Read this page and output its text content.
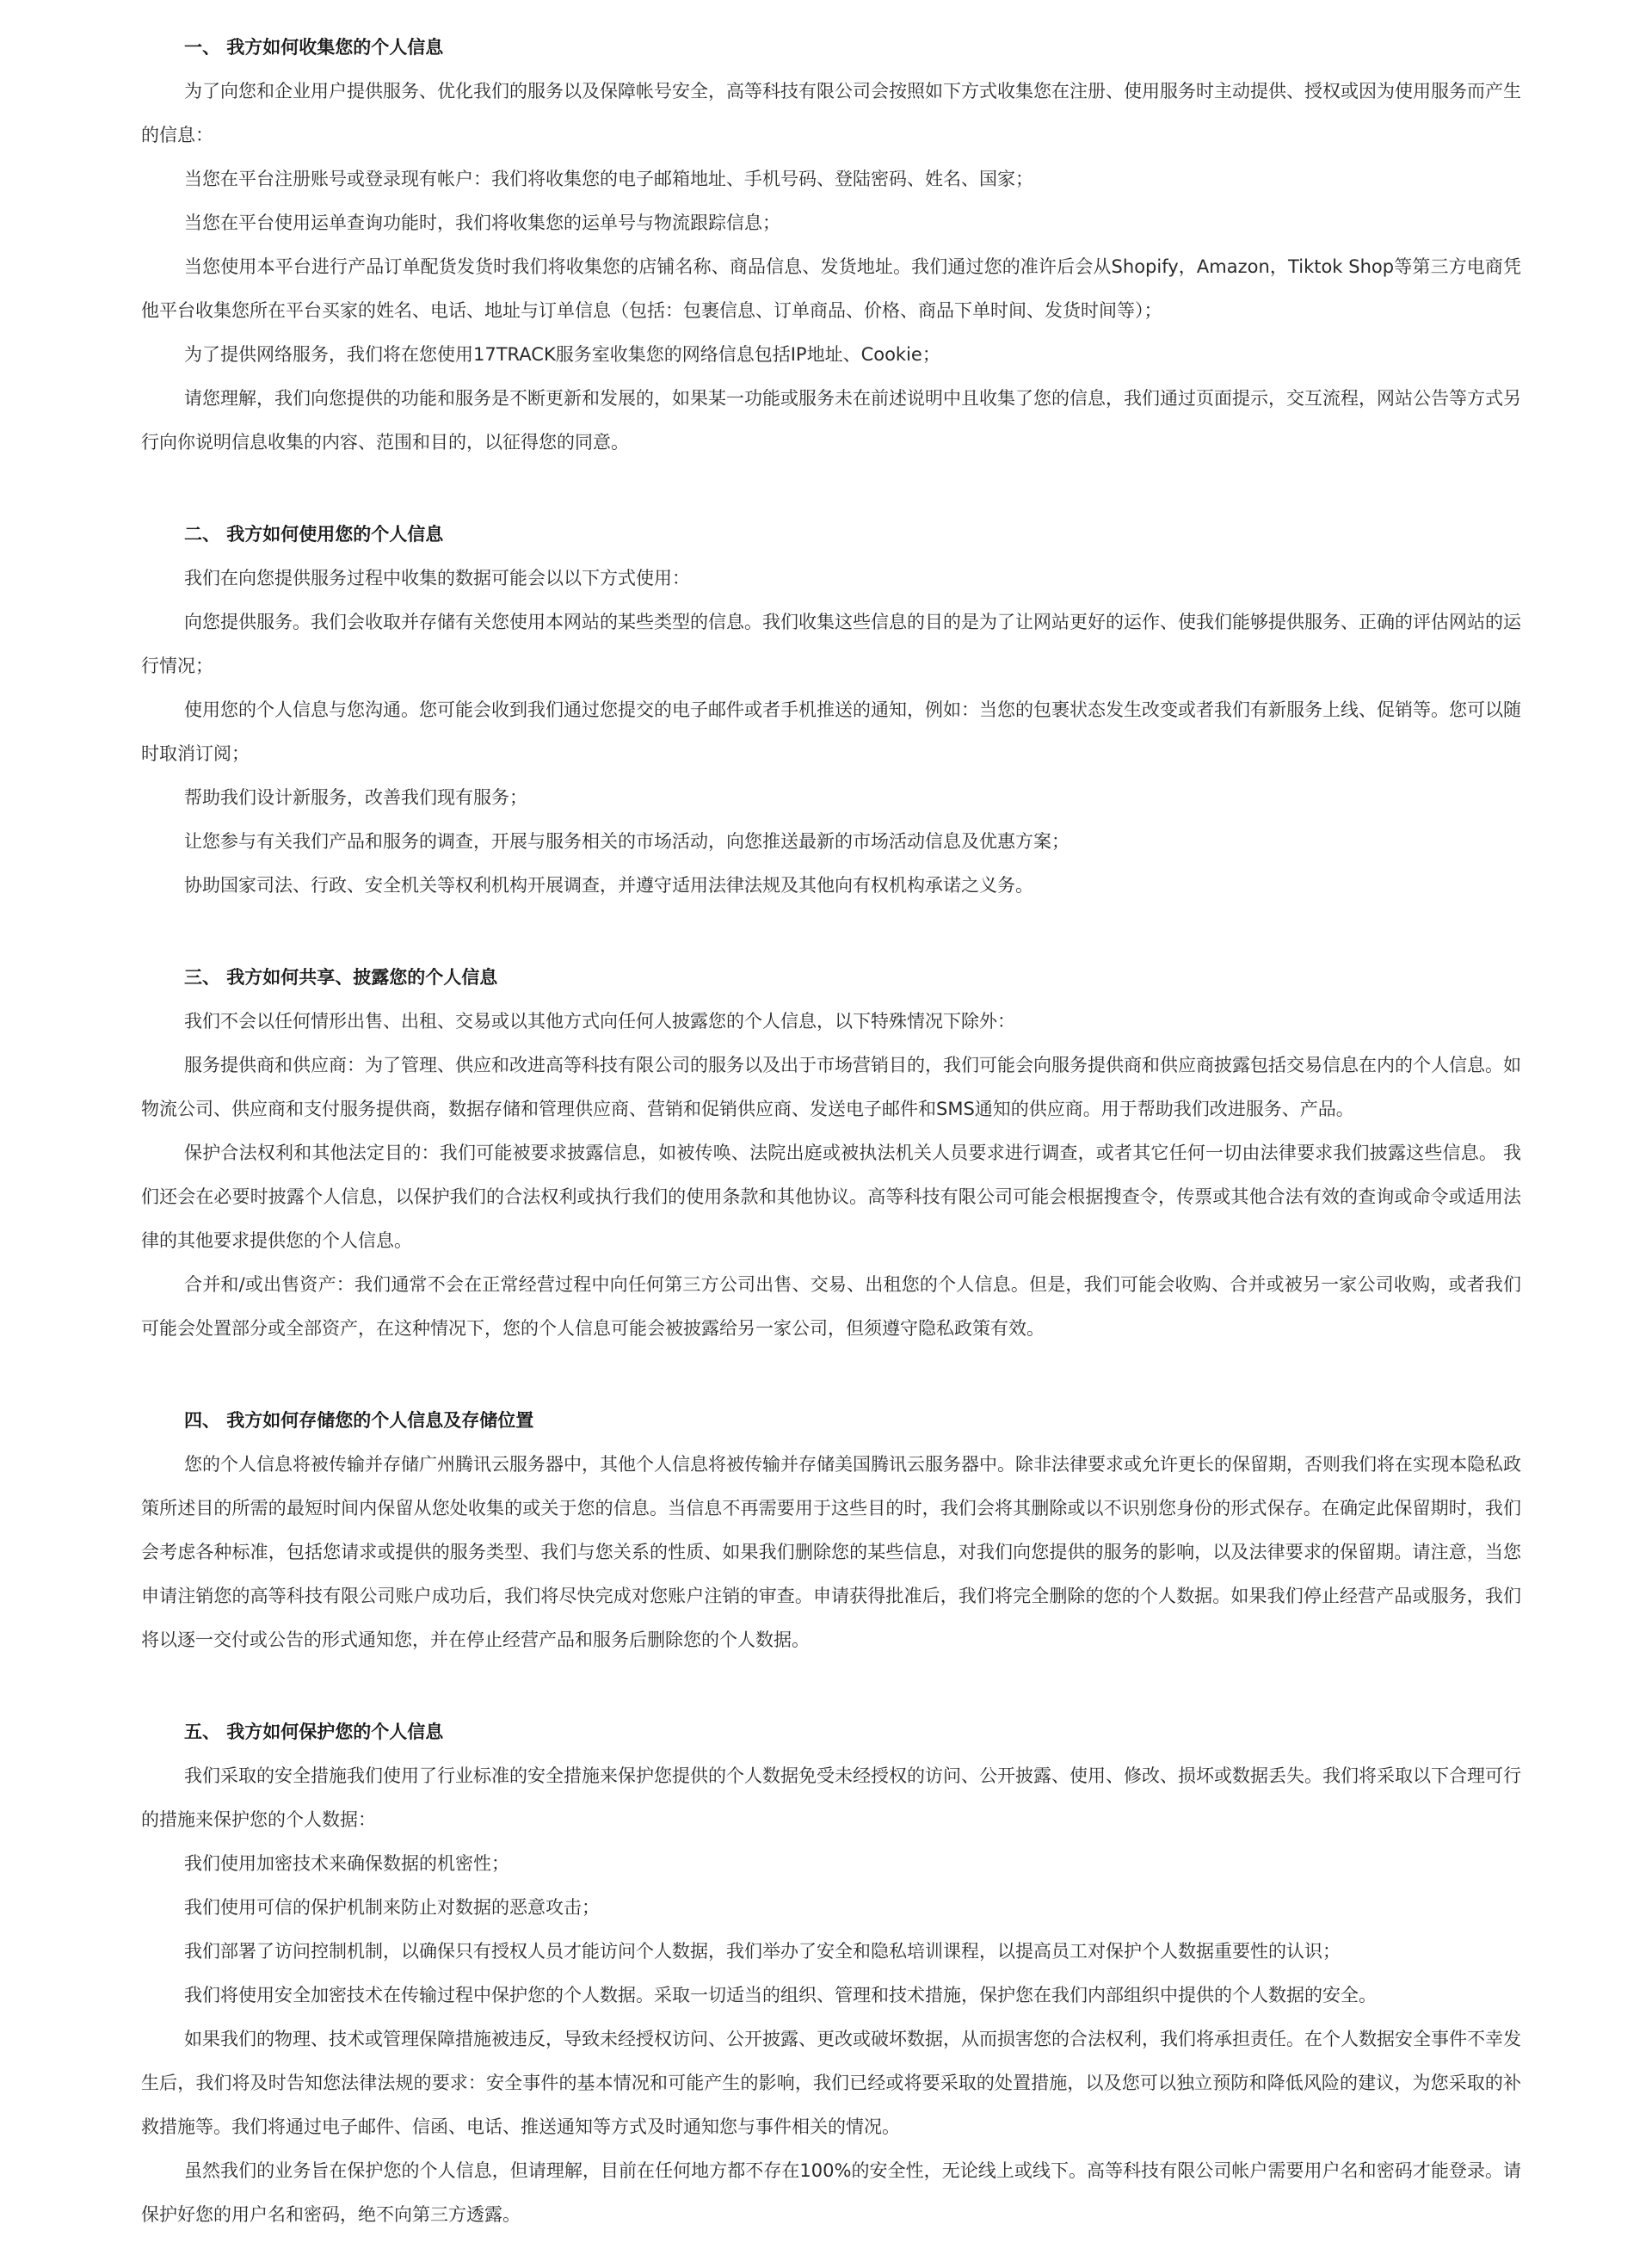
一、 我方如何收集您的个人信息

为了向您和企业用户提供服务、优化我们的服务以及保障帐号安全，高等科技有限公司会按照如下方式收集您在注册、使用服务时主动提供、授权或因为使用服务而产生的信息：

当您在平台注册账号或登录现有帐户：我们将收集您的电子邮箱地址、手机号码、登陆密码、姓名、国家；

当您在平台使用运单查询功能时，我们将收集您的运单号与物流跟踪信息；

当您使用本平台进行产品订单配货发货时我们将收集您的店铺名称、商品信息、发货地址。我们通过您的准许后会从Shopify，Amazon，Tiktok Shop等第三方电商凭他平台收集您所在平台买家的姓名、电话、地址与订单信息（包括：包裹信息、订单商品、价格、商品下单时间、发货时间等）；

为了提供网络服务，我们将在您使用17TRACK服务室收集您的网络信息包括IP地址、Cookie；

请您理解，我们向您提供的功能和服务是不断更新和发展的，如果某一功能或服务未在前述说明中且收集了您的信息，我们通过页面提示，交互流程，网站公告等方式另行向你说明信息收集的内容、范围和目的，以征得您的同意。

二、 我方如何使用您的个人信息

我们在向您提供服务过程中收集的数据可能会以以下方式使用：

向您提供服务。我们会收取并存储有关您使用本网站的某些类型的信息。我们收集这些信息的目的是为了让网站更好的运作、使我们能够提供服务、正确的评估网站的运行情况；

使用您的个人信息与您沟通。您可能会收到我们通过您提交的电子邮件或者手机推送的通知，例如：当您的包裹状态发生改变或者我们有新服务上线、促销等。您可以随时取消订阅；

帮助我们设计新服务，改善我们现有服务；

让您参与有关我们产品和服务的调查，开展与服务相关的市场活动，向您推送最新的市场活动信息及优惠方案；

协助国家司法、行政、安全机关等权利机构开展调查，并遵守适用法律法规及其他向有权机构承诺之义务。

三、 我方如何共享、披露您的个人信息

我们不会以任何情形出售、出租、交易或以其他方式向任何人披露您的个人信息，以下特殊情况下除外：

服务提供商和供应商：为了管理、供应和改进高等科技有限公司的服务以及出于市场营销目的，我们可能会向服务提供商和供应商披露包括交易信息在内的个人信息。如物流公司、供应商和支付服务提供商，数据存储和管理供应商、营销和促销供应商、发送电子邮件和SMS通知的供应商。用于帮助我们改进服务、产品。

保护合法权利和其他法定目的：我们可能被要求披露信息，如被传唤、法院出庭或被执法机关人员要求进行调查，或者其它任何一切由法律要求我们披露这些信息。 我们还会在必要时披露个人信息，以保护我们的合法权利或执行我们的使用条款和其他协议。高等科技有限公司可能会根据搜查令，传票或其他合法有效的查询或命令或适用法律的其他要求提供您的个人信息。

合并和/或出售资产：我们通常不会在正常经营过程中向任何第三方公司出售、交易、出租您的个人信息。但是，我们可能会收购、合并或被另一家公司收购，或者我们可能会处置部分或全部资产，在这种情况下，您的个人信息可能会被披露给另一家公司，但须遵守隐私政策有效。

四、 我方如何存储您的个人信息及存储位置

您的个人信息将被传输并存储广州腾讯云服务器中，其他个人信息将被传输并存储美国腾讯云服务器中。除非法律要求或允许更长的保留期，否则我们将在实现本隐私政策所述目的所需的最短时间内保留从您处收集的或关于您的信息。当信息不再需要用于这些目的时，我们会将其删除或以不识别您身份的形式保存。在确定此保留期时，我们会考虑各种标准，包括您请求或提供的服务类型、我们与您关系的性质、如果我们删除您的某些信息，对我们向您提供的服务的影响，以及法律要求的保留期。请注意，当您申请注销您的高等科技有限公司账户成功后，我们将尽快完成对您账户注销的审查。申请获得批准后，我们将完全删除的您的个人数据。如果我们停止经营产品或服务，我们将以逐一交付或公告的形式通知您，并在停止经营产品和服务后删除您的个人数据。

五、 我方如何保护您的个人信息

我们采取的安全措施我们使用了行业标准的安全措施来保护您提供的个人数据免受未经授权的访问、公开披露、使用、修改、损坏或数据丢失。我们将采取以下合理可行的措施来保护您的个人数据：

我们使用加密技术来确保数据的机密性；

我们使用可信的保护机制来防止对数据的恶意攻击；

我们部署了访问控制机制，以确保只有授权人员才能访问个人数据，我们举办了安全和隐私培训课程，以提高员工对保护个人数据重要性的认识；

我们将使用安全加密技术在传输过程中保护您的个人数据。采取一切适当的组织、管理和技术措施，保护您在我们内部组织中提供的个人数据的安全。

如果我们的物理、技术或管理保障措施被违反，导致未经授权访问、公开披露、更改或破坏数据，从而损害您的合法权利，我们将承担责任。在个人数据安全事件不幸发生后，我们将及时告知您法律法规的要求：安全事件的基本情况和可能产生的影响，我们已经或将要采取的处置措施，以及您可以独立预防和降低风险的建议，为您采取的补救措施等。我们将通过电子邮件、信函、电话、推送通知等方式及时通知您与事件相关的情况。

虽然我们的业务旨在保护您的个人信息，但请理解，目前在任何地方都不存在100%的安全性，无论线上或线下。高等科技有限公司帐户需要用户名和密码才能登录。请保护好您的用户名和密码，绝不向第三方透露。
